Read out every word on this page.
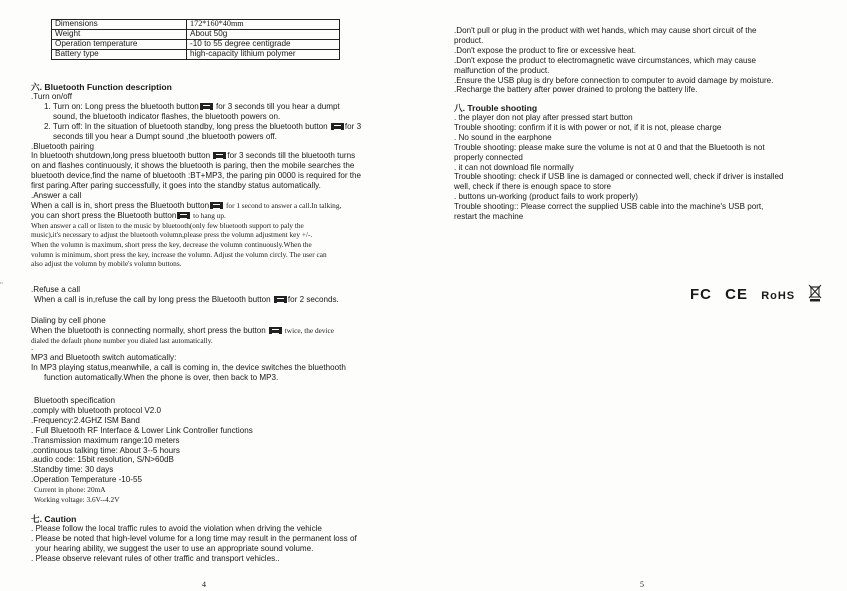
Dimensions	172*160*40mm
Weight	About 50g
Operation temperature	-10 to 55 degree centigrade
Battery type	high-capacity lithium polymer

六. Bluetooth Function description

.Turn on/off

1. Turn on: Long press the bluetooth button for 3 seconds till you hear a dumpt
sound, the bluetooth indicator flashes, the bluetooth powers on.

2. Turn off: In the situation of bluetooth standby, long press the bluetooth button for 3
seconds till you hear a Dumpt sound ,the bluetooth powers off.

.Bluetooth pairing

In bluetooth shutdown,long press bluetooth button for 3 seconds till the bluetooth turns
on and flashes continuously, it shows the bluetooth is paring, then the mobile searches the
bluetooth device,find the name of bluetooth :BT+MP3, the paring pin 0000 is required for the
first paring.After paring successfully, it goes into the standby status automatically.

.Answer a call

When a call is in, short press the Bluetooth button for 1 second to answer a call.In talking,
you can short press the Bluetooth button to hang up.

When answer a call or listen to the music by bluetooth(only few bluetooth support to paly the
music),it's necessary to adjust the bluetooth volumn,please press the volumn adjustment key +/-.
When the volumn is maximum, short press the key, decrease the volumn continuously.When the
volumn is minimum, short press the key, increase the volumn. Adjust the volumn circly. The user can
also adjust the volumn by mobile's volumn buttons.

.Refuse a call

When a call is in,refuse the call by long press the Bluetooth button for 2 seconds.

Dialing by cell phone

When the bluetooth is connecting normally, short press the button  twice, the device
dialed the default phone number you dialed last automatically.

.

MP3 and Bluetooth switch automatically:

In MP3 playing status,meanwhile, a call is coming in, the device switches the bluethooth
function automatically.When the phone is over, then back to MP3.

Bluetooth specification

.comply with bluetooth protocol V2.0

.Frequency:2.4GHZ ISM Band

. Full Bluetooth RF Interface & Lower Link Controller functions

.Transmission maximum range:10 meters

.continuous talking time: About 3--5 hours

.audio code: 15bit resolution, S/N>60dB

.Standby time: 30 days

.Operation Temperature -10-55

Current in phone: 20mA

Working voltage: 3.6V--4.2V

七. Caution

. Please follow the local traffic rules to avoid the violation when driving the vehicle

. Please be noted that high-level volume for a long time may result in the permanent loss of

your hearing ability, we suggest the user to use an appropriate sound volume.

. Please observe relevant rules of other traffic and transport vehicles..

4
"

.Don't pull or plug in the product with wet hands, which may cause short circuit of the

product.

.Don't expose the product to fire or excessive heat.

.Don't expose the product to electromagnetic wave circumstances, which may cause

malfunction of the product.

.Ensure the USB plug is dry before connection to computer to avoid damage by moisture.

.Recharge the battery after power drained to prolong the battery life.

八. Trouble shooting

. the player don not play after pressed start button

Trouble shooting: confirm if it is with power or not, if it is not, please charge

. No sound in the earphone

Trouble shooting: please make sure the volume is not at 0 and that the Bluetooth is not

properly connected

. it can not download file normally

Trouble shooting: check if USB line is damaged or connected well, check if driver is installed

well, check if there is enough space to store

. buttons un-working (product fails to work properly)

Trouble shooting:: Please correct the supplied USB cable into the machine's USB port,

restart the machine

FC CE RoHS
5
